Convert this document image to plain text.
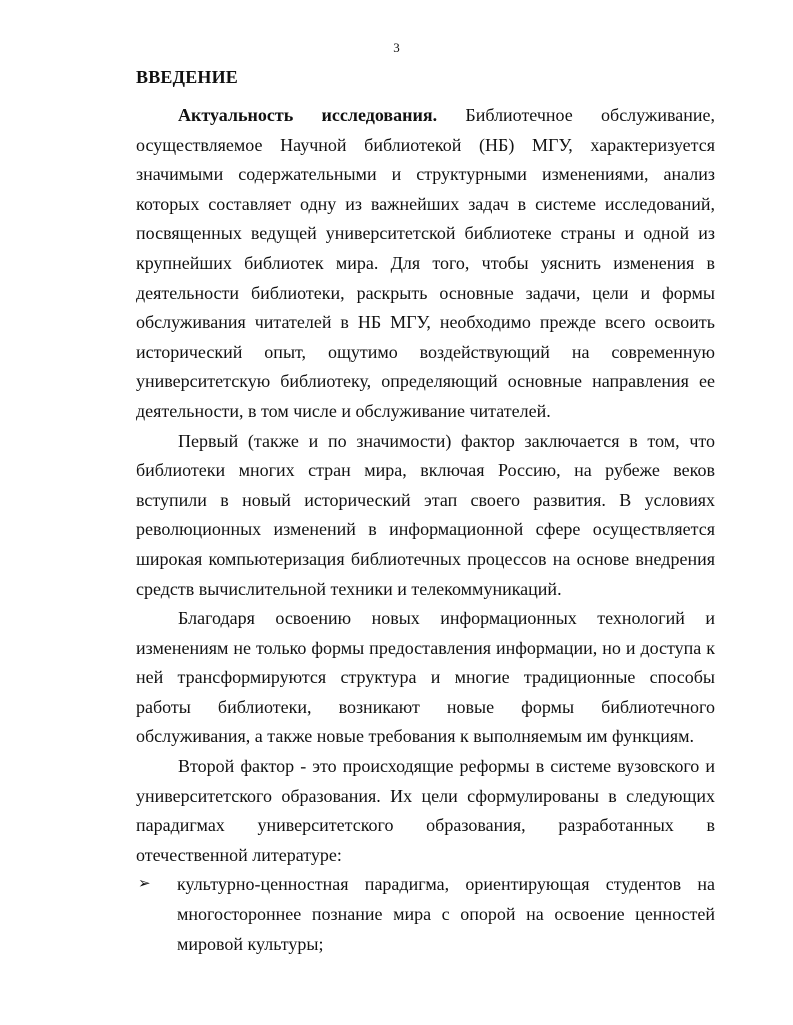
3
ВВЕДЕНИЕ

Актуальность исследования. Библиотечное обслуживание, осуществляемое Научной библиотекой (НБ) МГУ, характеризуется значимыми содержательными и структурными изменениями, анализ которых составляет одну из важнейших задач в системе исследований, посвященных ведущей университетской библиотеке страны и одной из крупнейших библиотек мира. Для того, чтобы уяснить изменения в деятельности библиотеки, раскрыть основные задачи, цели и формы обслуживания читателей в НБ МГУ, необходимо прежде всего освоить исторический опыт, ощутимо воздействующий на современную университетскую библиотеку, определяющий основные направления ее деятельности, в том числе и обслуживание читателей.

Первый (также и по значимости) фактор заключается в том, что библиотеки многих стран мира, включая Россию, на рубеже веков вступили в новый исторический этап своего развития. В условиях революционных изменений в информационной сфере осуществляется широкая компьютеризация библиотечных процессов на основе внедрения средств вычислительной техники и телекоммуникаций.

Благодаря освоению новых информационных технологий и изменениям не только формы предоставления информации, но и доступа к ней трансформируются структура и многие традиционные способы работы библиотеки, возникают новые формы библиотечного обслуживания, а также новые требования к выполняемым им функциям.

Второй фактор - это происходящие реформы в системе вузовского и университетского образования. Их цели сформулированы в следующих парадигмах университетского образования, разработанных в отечественной литературе:

➢ культурно-ценностная парадигма, ориентирующая студентов на многостороннее познание мира с опорой на освоение ценностей мировой культуры;
